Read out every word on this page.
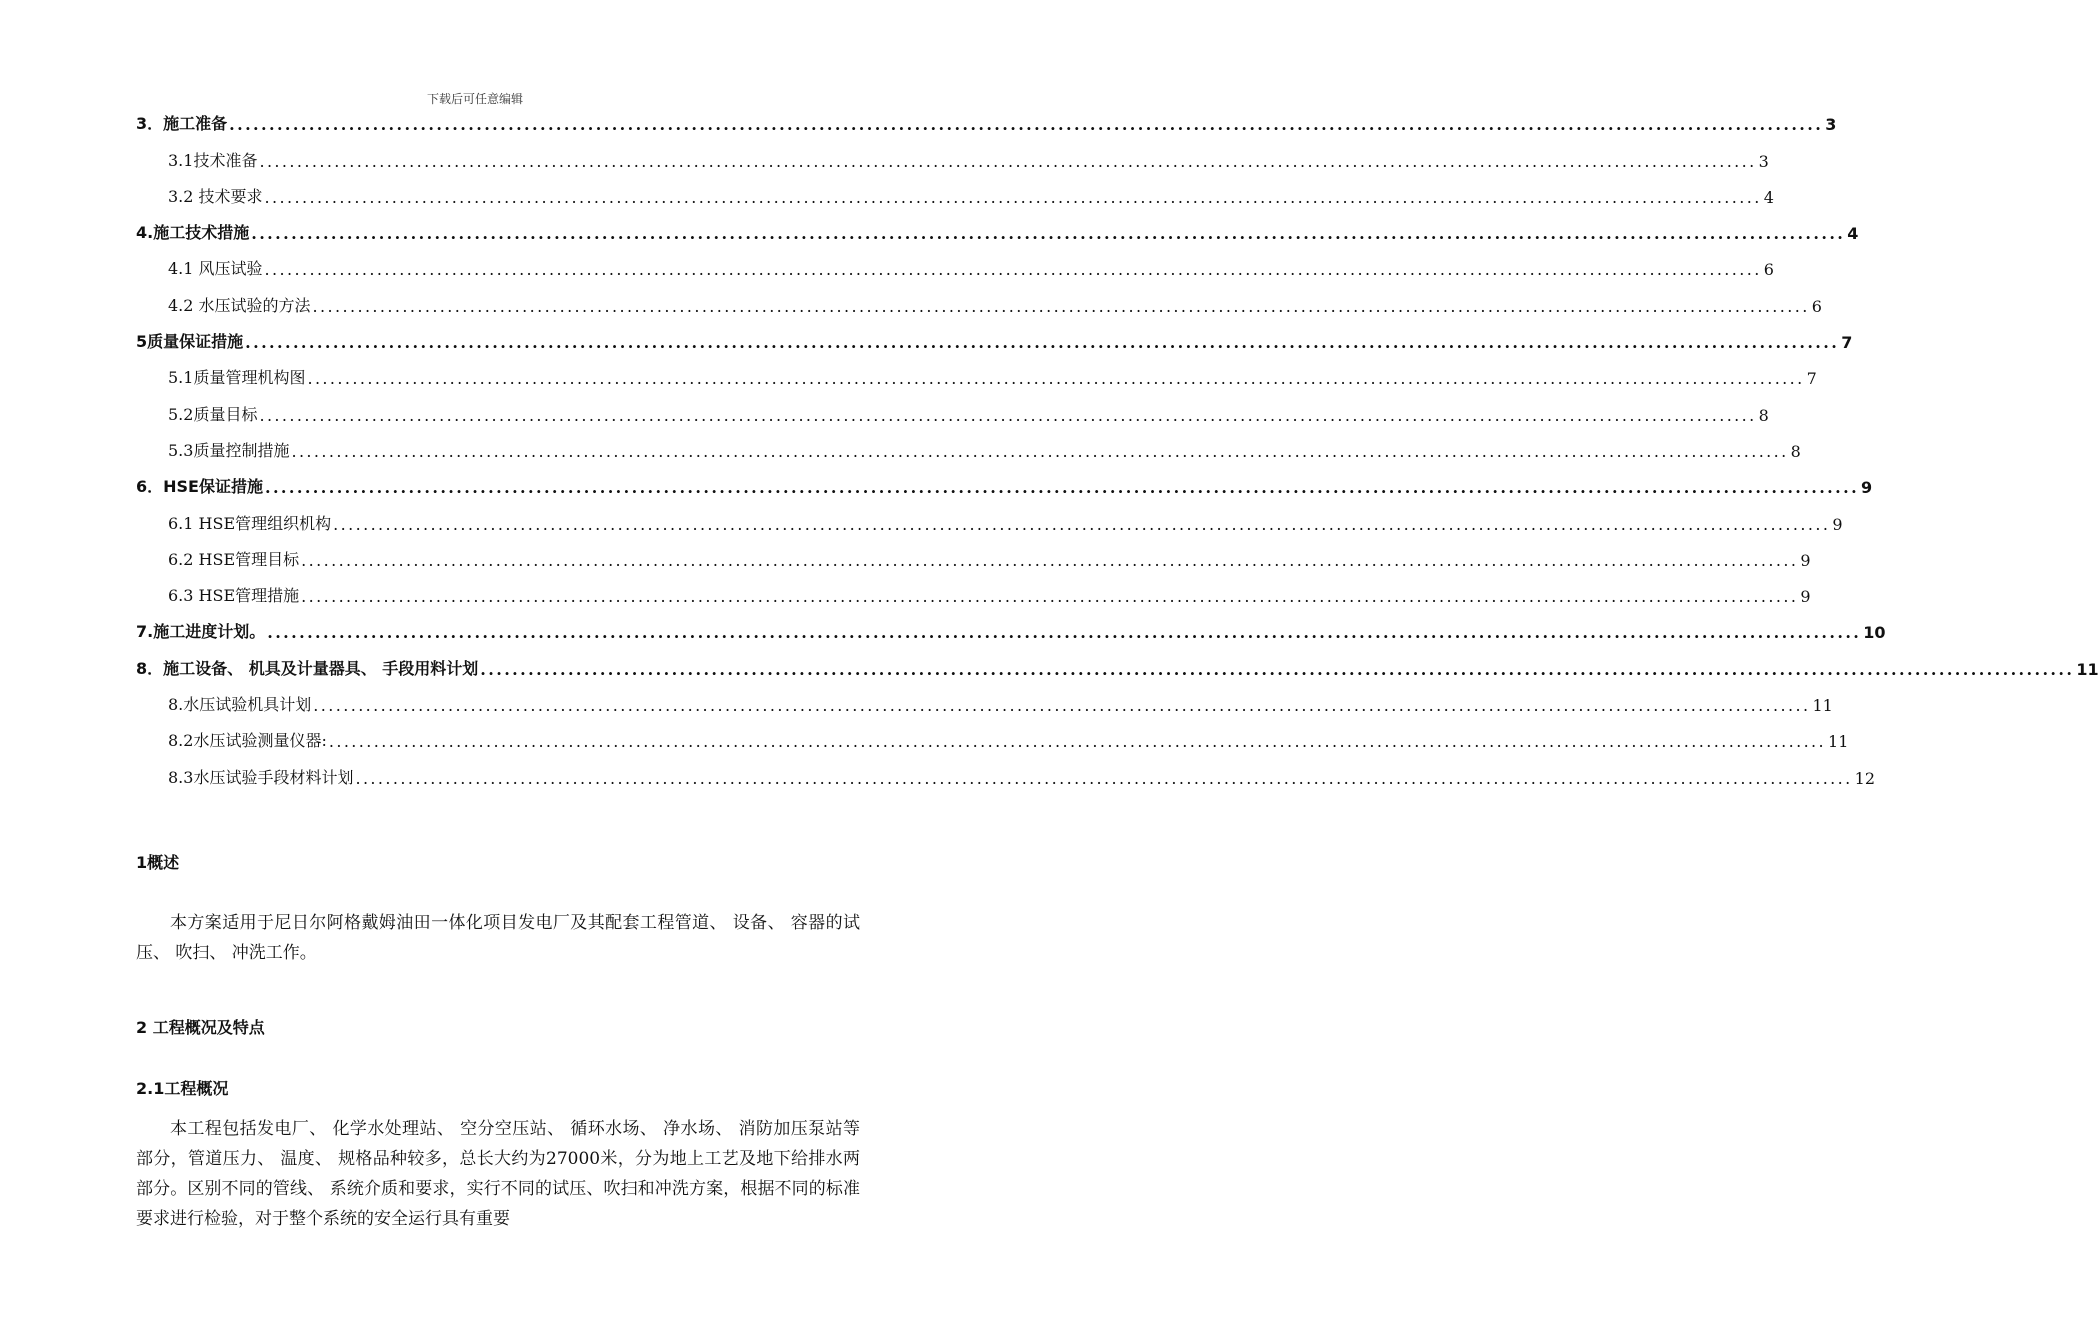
下载后可任意编辑
3．施工准备 ........................................................................................................................................................................................................ 3
3.1技术准备 ........................................................................................................................................................................................................ 3
3.2 技术要求 ........................................................................................................................................................................................................ 4
4.施工技术措施 ........................................................................................................................................................................................................ 4
4.1 风压试验 ........................................................................................................................................................................................................ 6
4.2 水压试验的方法 ........................................................................................................................................................................................................ 6
5质量保证措施 ........................................................................................................................................................................................................ 7
5.1质量管理机构图 ........................................................................................................................................................................................................ 7
5.2质量目标 ........................................................................................................................................................................................................ 8
5.3质量控制措施 ........................................................................................................................................................................................................ 8
6．HSE保证措施 ........................................................................................................................................................................................................ 9
6.1 HSE管理组织机构 ........................................................................................................................................................................................................ 9
6.2 HSE管理目标 ........................................................................................................................................................................................................ 9
6.3 HSE管理措施 ........................................................................................................................................................................................................ 9
7.施工进度计划。 ........................................................................................................................................................................................................ 10
8．施工设备、 机具及计量器具、 手段用料计划 ........................................................................................................................................................................................................ 11
8.水压试验机具计划 ........................................................................................................................................................................................................ 11
8.2水压试验测量仪器: ........................................................................................................................................................................................................ 11
8.3水压试验手段材料计划 ........................................................................................................................................................................................................ 12
1概述
本方案适用于尼日尔阿格戴姆油田一体化项目发电厂及其配套工程管道、 设备、 容器的试压、 吹扫、 冲洗工作。
2 工程概况及特点
2.1工程概况
本工程包括发电厂、 化学水处理站、 空分空压站、 循环水场、 净水场、 消防加压泵站等部分，管道压力、 温度、 规格品种较多，总长大约为27000米，分为地上工艺及地下给排水两部分。区别不同的管线、 系统介质和要求，实行不同的试压、吹扫和冲洗方案，根据不同的标准要求进行检验，对于整个系统的安全运行具有重要
